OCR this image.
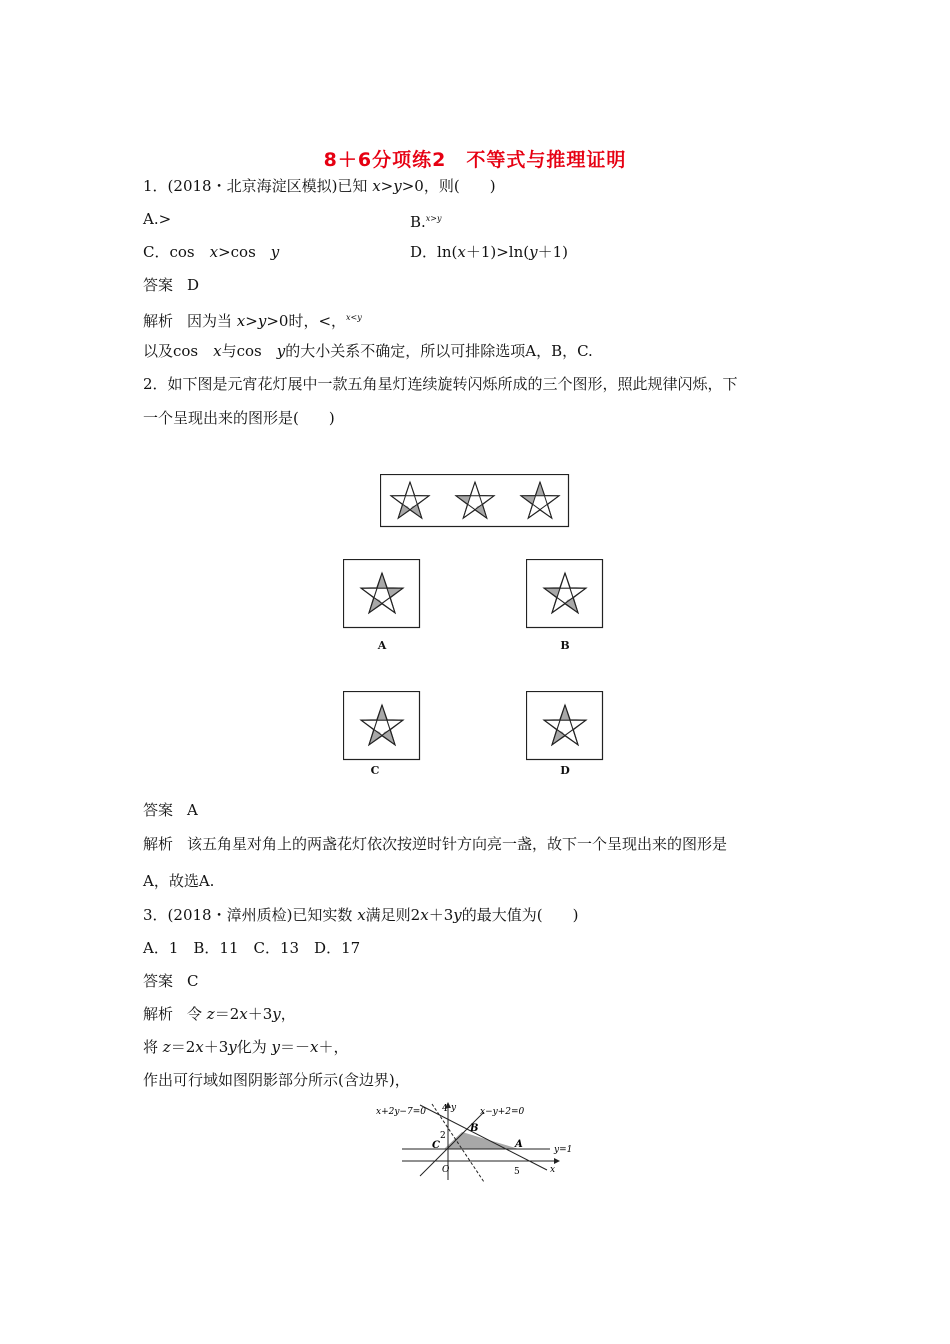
8＋6分项练2　不等式与推理证明
1．(2018・北京海淀区模拟)已知 x>y>0，则(　　)
A.>	B.$^{x>y}$
C．cos　x>cos　y	D．ln(x＋1)>ln(y＋1)
答案 D
解析 因为当 x>y>0时，<，$^{x<y}$
以及cos　x与cos　y的大小关系不确定，所以可排除选项A，B，C.
2．如下图是元宵花灯展中一款五角星灯连续旋转闪烁所成的三个图形，照此规律闪烁，下
一个呈现出来的图形是(　　)
A	B
C	D
答案 A
解析 该五角星对角上的两盏花灯依次按逆时针方向亮一盏，故下一个呈现出来的图形是
A，故选A.
3．(2018・漳州质检)已知实数 x满足则2x＋3y的最大值为(　　)
A．1　B．11　C．13　D．17
答案 C
解析 令 z＝2x＋3y，
将 z＝2x＋3y化为 y＝－x＋，
作出可行域如图阴影部分所示(含边界)，
x+2y−7=0	x−y+2=0
y=1
4 y
2
5	x
O
A
B
C
